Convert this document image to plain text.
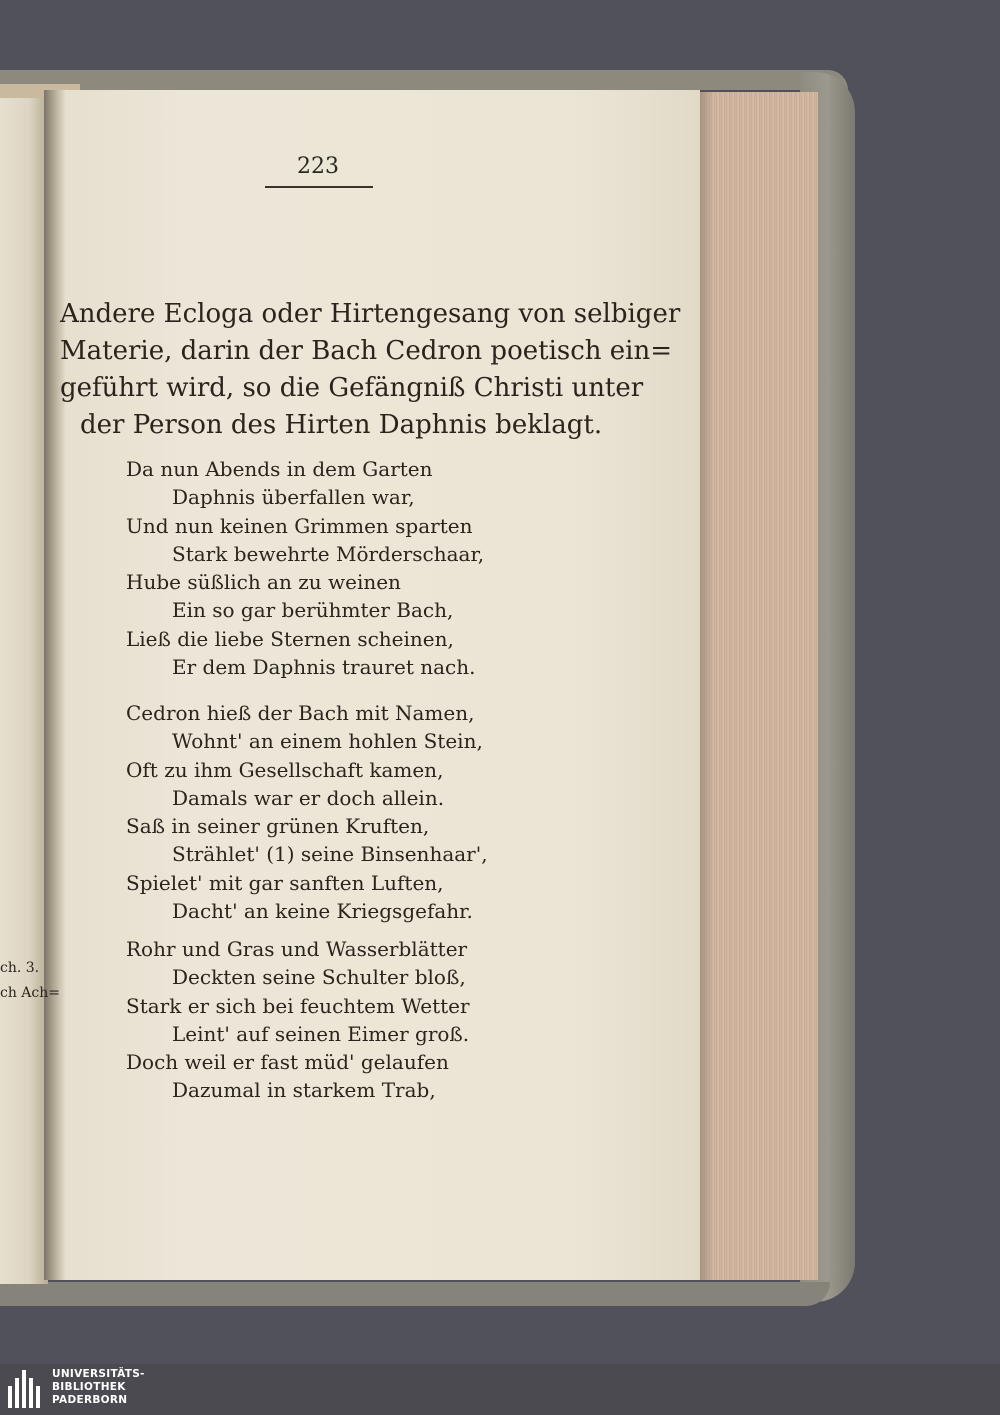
ch. 3.
ch Ach=
223
Andere Ecloga oder Hirtengesang von selbiger
Materie, darin der Bach Cedron poetisch ein=
geführt wird, so die Gefängniß Christi unter
der Person des Hirten Daphnis beklagt.
Da nun Abends in dem Garten
Daphnis überfallen war,
Und nun keinen Grimmen sparten
Stark bewehrte Mörderschaar,
Hube süßlich an zu weinen
Ein so gar berühmter Bach,
Ließ die liebe Sternen scheinen,
Er dem Daphnis trauret nach.
Cedron hieß der Bach mit Namen,
Wohnt' an einem hohlen Stein,
Oft zu ihm Gesellschaft kamen,
Damals war er doch allein.
Saß in seiner grünen Kruften,
Strählet' (1) seine Binsenhaar',
Spielet' mit gar sanften Luften,
Dacht' an keine Kriegsgefahr.
Rohr und Gras und Wasserblätter
Deckten seine Schulter bloß,
Stark er sich bei feuchtem Wetter
Leint' auf seinen Eimer groß.
Doch weil er fast müd' gelaufen
Dazumal in starkem Trab,
UNIVERSITÄTS-
BIBLIOTHEK
PADERBORN
